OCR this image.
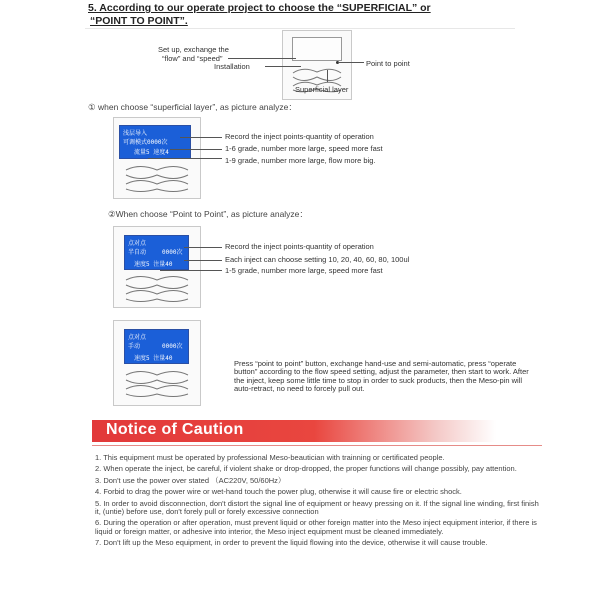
5. According to our operate project to choose the “SUPERFICIAL” or
“POINT TO POINT”.
Set up, exchange the
“flow” and “speed”
Installation	Point to point
Superficial layer
① when choose “superficial layer”, as picture analyze：
浅层导入
可调模式0000次
流量5 速度4
Record the inject points-quantity of operation
1-6 grade, number more large, speed more fast
1-9 grade, number more large, flow more big.
②When choose “Point to Point”, as picture analyze：
点对点
半自动	0000次
速度5 注量40
Record the inject points-quantity of operation
Each inject can choose setting 10, 20, 40, 60, 80, 100ul
1-5 grade, number more large, speed more fast
点对点
手动	0000次
速度5 注量40
Press “point to point” button, exchange hand-use and semi-automatic, press “operate button” according to the flow speed setting, adjust the parameter, then start to work. After the inject, keep some little time to stop in order to suck products, then the Meso-pin will auto-retract, no need to forcely pull out.
Notice of Caution
1. This equipment must be operated by professional Meso-beautician with trainning or certificated people.
2. When operate the inject, be careful, if violent shake or drop-dropped, the proper functions will change possibly, pay attention.
3. Don't use the power over stated （AC220V, 50/60Hz）
4. Forbid to drag the power wire or wet-hand touch the power plug, otherwise it will cause fire or electric shock.
5. In order to avoid disconnection, don't distort the signal line of equipment or heavy pressing on it. If the signal line winding, first finish it, (untie) before use, don't forely pull or forely excessive connection
6. During the operation or after operation, must prevent liquid or other foreign matter into the Meso inject equipment interior, if there is liquid or foreign matter, or adhesive into interior, the Meso inject equipment must be cleaned immediately.
7. Don't lift up the Meso equipment, in order to prevent the liquid flowing into the device, otherwise it will cause trouble.
